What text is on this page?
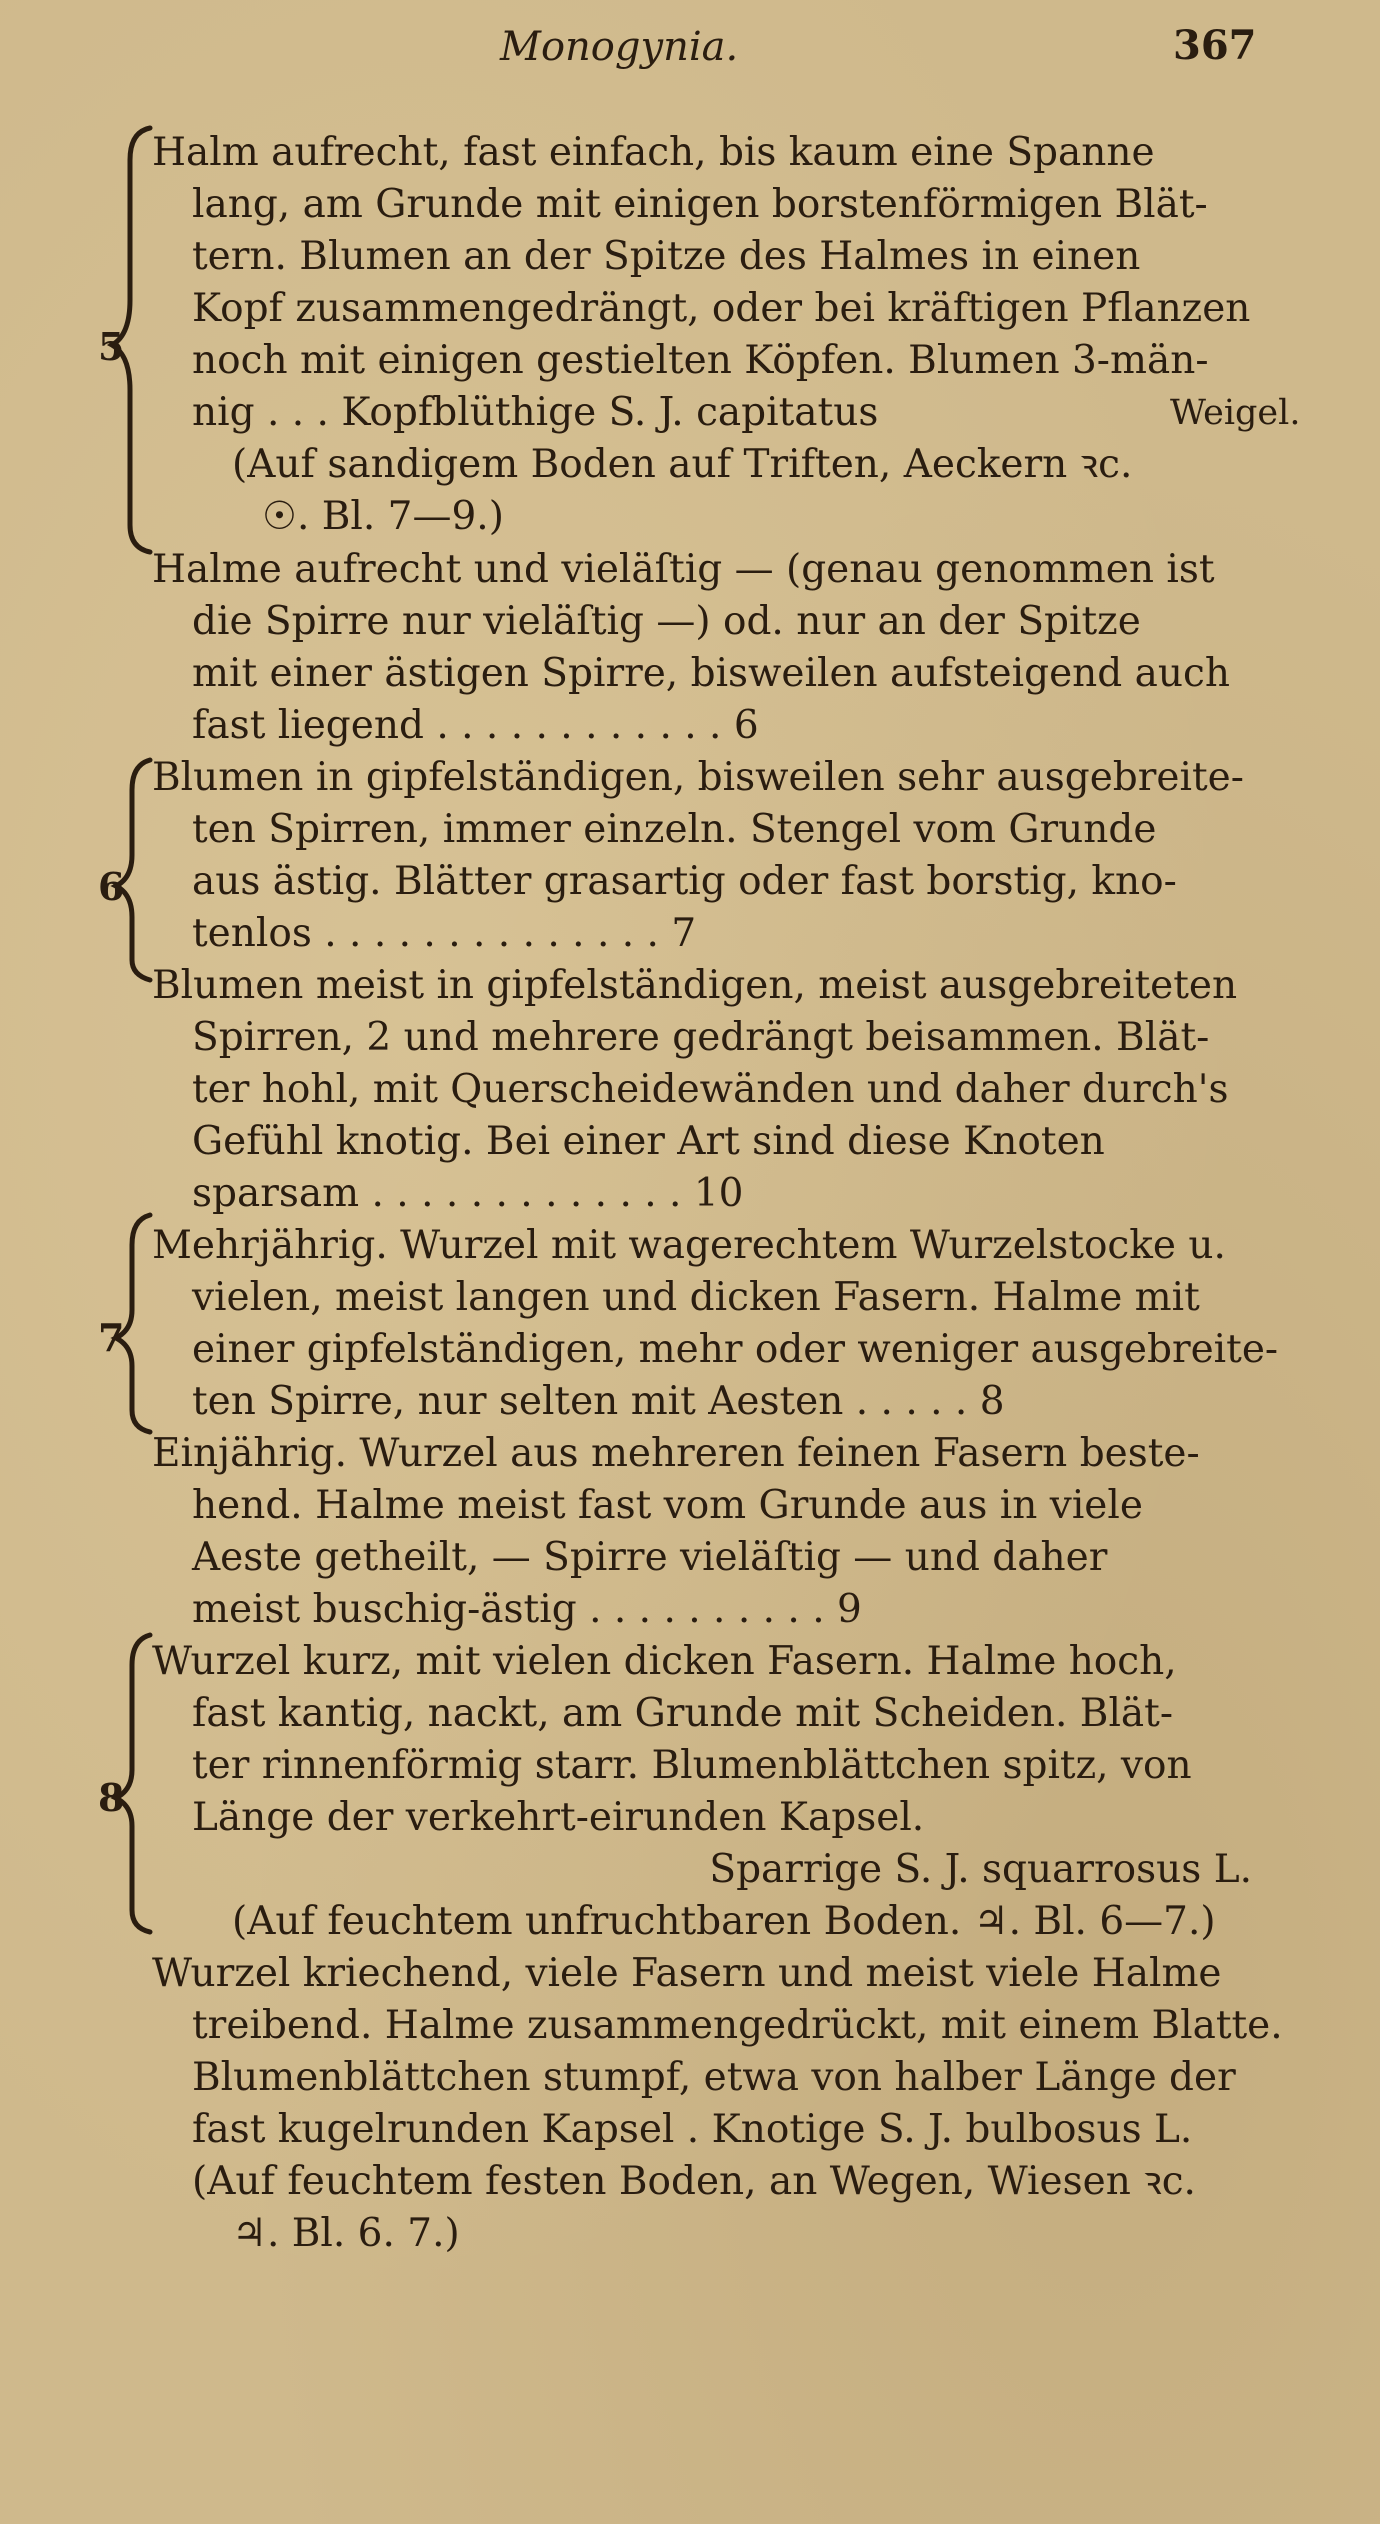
Monogynia.	367
5
6
7
8
Halm aufrecht, fast einfach, bis kaum eine Spanne
lang, am Grunde mit einigen borstenförmigen Blät-
tern. Blumen an der Spitze des Halmes in einen
Kopf zusammengedrängt, oder bei kräftigen Pflanzen
noch mit einigen gestielten Köpfen. Blumen 3-män-
nig . . . Kopfblüthige S. J. capitatus	Weigel.
(Auf sandigem Boden auf Triften, Aeckern ꝛc.
☉. Bl. 7—9.)
Halme aufrecht und vieläſtig — (genau genommen ist
die Spirre nur vieläſtig —) od. nur an der Spitze
mit einer ästigen Spirre, bisweilen aufsteigend auch
fast liegend . . . . . . . . . . . . 6
Blumen in gipfelständigen, bisweilen sehr ausgebreite-
ten Spirren, immer einzeln. Stengel vom Grunde
aus ästig. Blätter grasartig oder fast borstig, kno-
tenlos . . . . . . . . . . . . . . 7
Blumen meist in gipfelständigen, meist ausgebreiteten
Spirren, 2 und mehrere gedrängt beisammen. Blät-
ter hohl, mit Querscheidewänden und daher durch's
Gefühl knotig. Bei einer Art sind diese Knoten
sparsam . . . . . . . . . . . . . 10
Mehrjährig. Wurzel mit wagerechtem Wurzelstocke u.
vielen, meist langen und dicken Fasern. Halme mit
einer gipfelständigen, mehr oder weniger ausgebreite-
ten Spirre, nur selten mit Aesten . . . . . 8
Einjährig. Wurzel aus mehreren feinen Fasern beste-
hend. Halme meist fast vom Grunde aus in viele
Aeste getheilt, — Spirre vieläſtig — und daher
meist buschig-ästig . . . . . . . . . . 9
Wurzel kurz, mit vielen dicken Fasern. Halme hoch,
fast kantig, nackt, am Grunde mit Scheiden. Blät-
ter rinnenförmig starr. Blumenblättchen spitz, von
Länge der verkehrt-eirunden Kapsel.
Sparrige S. J. squarrosus L.
(Auf feuchtem unfruchtbaren Boden. ♃. Bl. 6—7.)
Wurzel kriechend, viele Fasern und meist viele Halme
treibend. Halme zusammengedrückt, mit einem Blatte.
Blumenblättchen stumpf, etwa von halber Länge der
fast kugelrunden Kapsel . Knotige S. J. bulbosus L.
(Auf feuchtem festen Boden, an Wegen, Wiesen ꝛc.
♃. Bl. 6. 7.)
